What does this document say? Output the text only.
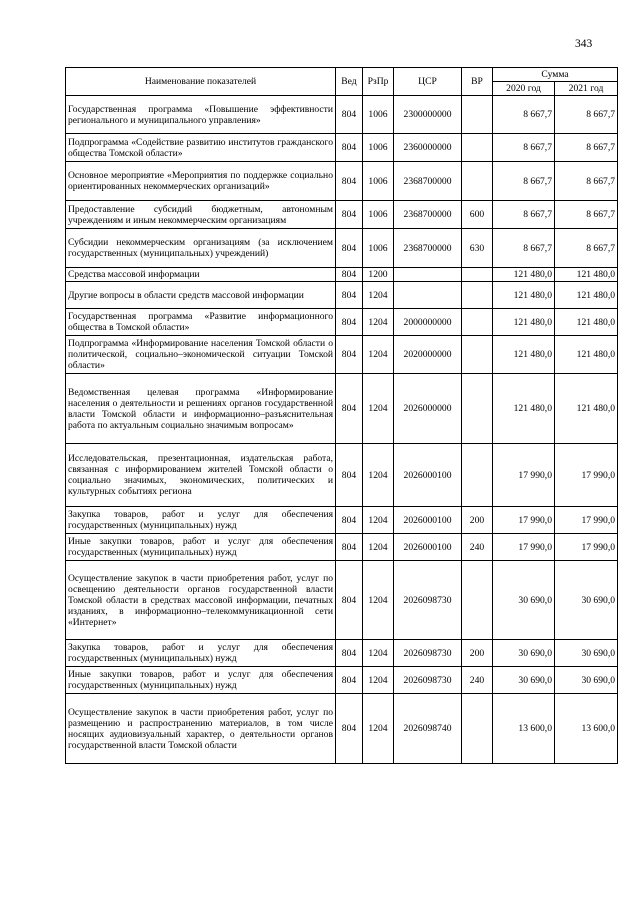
343
Наименование показателей	Вед	РзПр	ЦСР	ВР	Сумма	
					2020 год	2021 год
Государственная программа «Повышение эффективности регионального и муниципального управления»	804	1006	2300000000		8 667,7	8 667,7
Подпрограмма «Содействие развитию институтов гражданского общества Томской области»	804	1006	2360000000		8 667,7	8 667,7
Основное мероприятие «Мероприятия по поддержке социально ориентированных некоммерческих организаций»	804	1006	2368700000		8 667,7	8 667,7
Предоставление субсидий бюджетным, автономным учреждениям и иным некоммерческим организациям	804	1006	2368700000	600	8 667,7	8 667,7
Субсидии некоммерческим организациям (за исключением государственных (муниципальных) учреждений)	804	1006	2368700000	630	8 667,7	8 667,7
Средства массовой информации	804	1200			121 480,0	121 480,0
Другие вопросы в области средств массовой информации	804	1204			121 480,0	121 480,0
Государственная программа «Развитие информационного общества в Томской области»	804	1204	2000000000		121 480,0	121 480,0
Подпрограмма «Информирование населения Томской области о политической, социально–экономической ситуации Томской области»	804	1204	2020000000		121 480,0	121 480,0
Ведомственная целевая программа «Информирование населения о деятельности и решениях органов государственной власти Томской области и информационно–разъяснительная работа по актуальным социально значимым вопросам»	804	1204	2026000000		121 480,0	121 480,0
Исследовательская, презентационная, издательская работа, связанная с информированием жителей Томской области о социально значимых, экономических, политических и культурных событиях региона	804	1204	2026000100		17 990,0	17 990,0
Закупка товаров, работ и услуг для обеспечения государственных (муниципальных) нужд	804	1204	2026000100	200	17 990,0	17 990,0
Иные закупки товаров, работ и услуг для обеспечения государственных (муниципальных) нужд	804	1204	2026000100	240	17 990,0	17 990,0
Осуществление закупок в части приобретения работ, услуг по освещению деятельности органов государственной власти Томской области в средствах массовой информации, печатных изданиях, в информационно–телекоммуникационной сети «Интернет»	804	1204	2026098730		30 690,0	30 690,0
Закупка товаров, работ и услуг для обеспечения государственных (муниципальных) нужд	804	1204	2026098730	200	30 690,0	30 690,0
Иные закупки товаров, работ и услуг для обеспечения государственных (муниципальных) нужд	804	1204	2026098730	240	30 690,0	30 690,0
Осуществление закупок в части приобретения работ, услуг по размещению и распространению материалов, в том числе носящих аудиовизуальный характер, о деятельности органов государственной власти Томской области	804	1204	2026098740		13 600,0	13 600,0
